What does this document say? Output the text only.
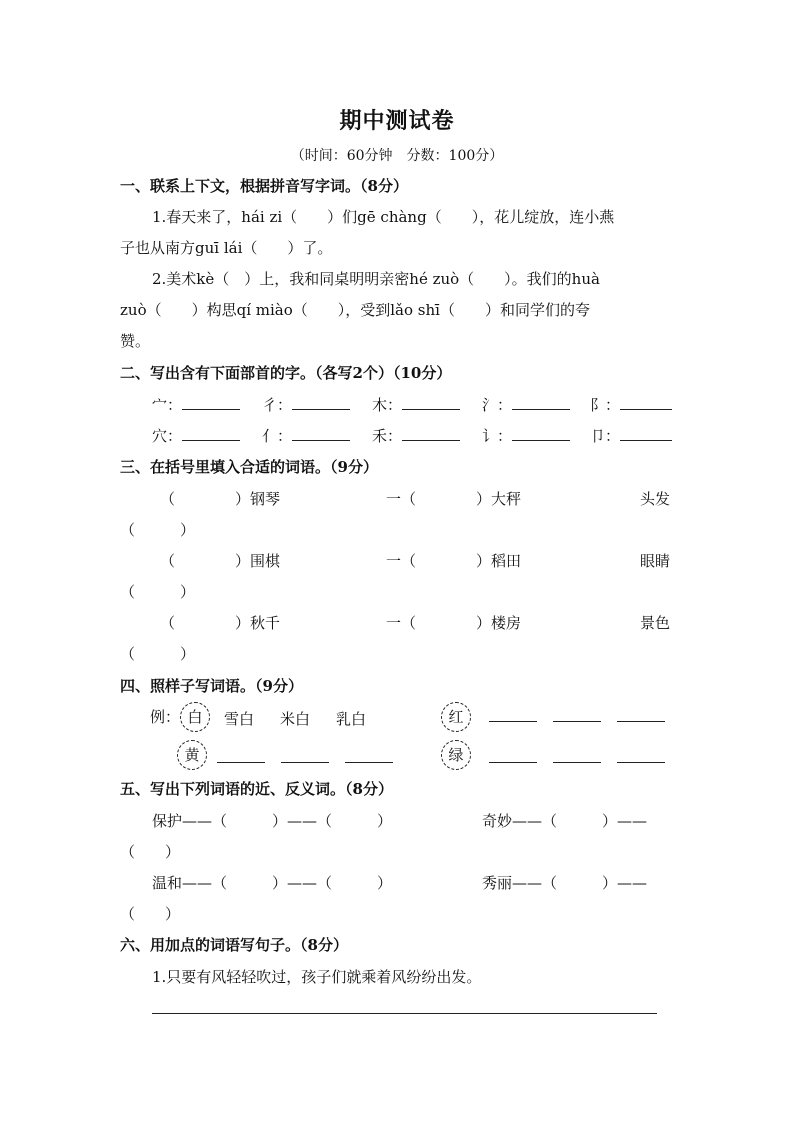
期中测试卷
（时间：60分钟　分数：100分）
一、联系上下文，根据拼音写字词。（8分）
1.春天来了，hái zi（　　）们gē chàng（　　），花儿绽放，连小燕
子也从南方guī lái（　　）了。
2.美术kè（　）上，我和同桌明明亲密hé zuò（　　）。我们的huà
zuò（　　）构思qí miào（　　），受到lǎo shī（　　）和同学们的夸
赞。
二、写出含有下面部首的字。（各写2个）（10分）
宀：	彳：	木：	氵：	阝：
穴：	亻：	禾：	讠：	卩：
三、在括号里填入合适的词语。（9分）
（　　　　）钢琴	一（　　　　）大秤	头发
（　　　）
（　　　　）围棋	一（　　　　）稻田	眼睛
（　　　）
（　　　　）秋千	一（　　　　）楼房	景色
（　　　）
四、照样子写词语。（9分）
例： 白	雪白 米白 乳白	红
黄	绿
五、写出下列词语的近、反义词。（8分）
保护——（　　　）——（　　　）	奇妙——（　　　）——
（　　）
温和——（　　　）——（　　　）	秀丽——（　　　）——
（　　）
六、用加点的词语写句子。（8分）
1.只要有风轻轻吹过，孩子们就乘着风纷纷出发。
